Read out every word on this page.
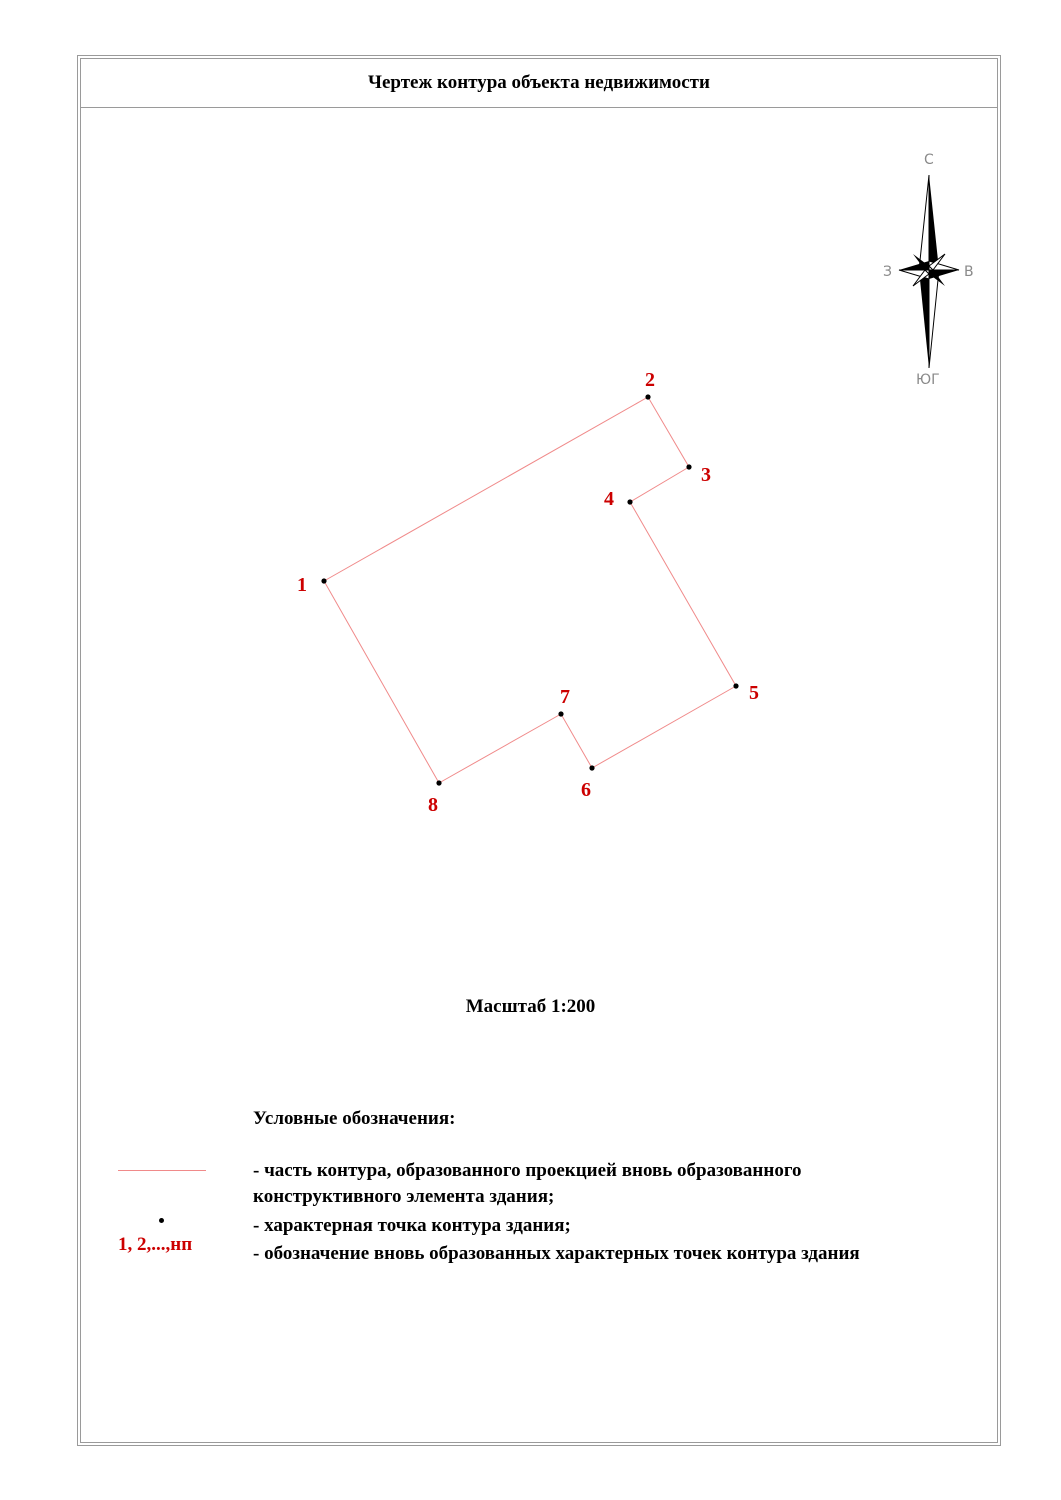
Чертеж контура объекта недвижимости
1
2
3
4
5
6
7
8
С
З	В
ЮГ
Масштаб 1:200
Условные обозначения:
- часть контура, образованного проекцией вновь образованного
конструктивного элемента здания;
- характерная точка контура здания;
1, 2,...,нп	- обозначение вновь образованных характерных точек контура здания
